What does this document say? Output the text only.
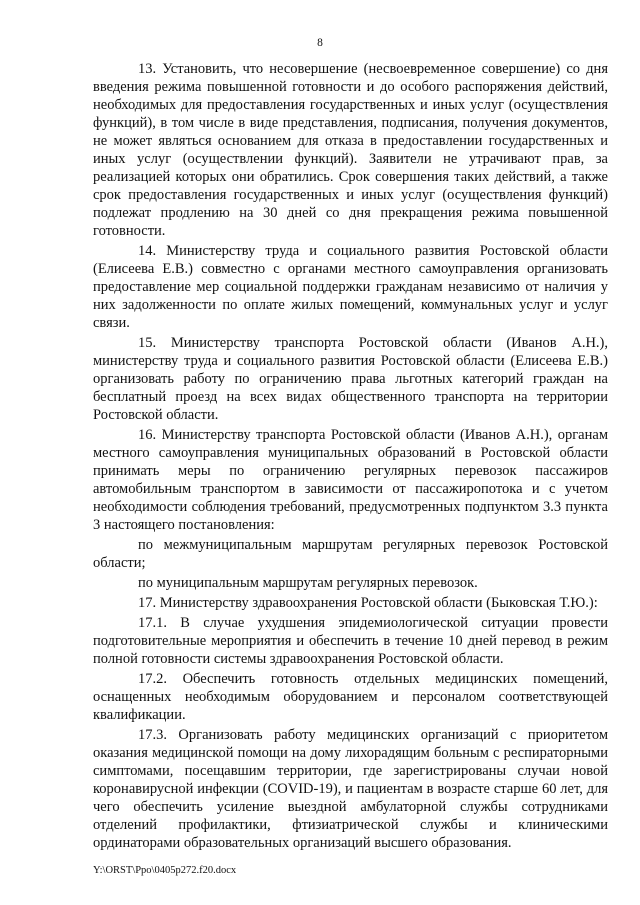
8

13. Установить, что несовершение (несвоевременное совершение) со дня введения режима повышенной готовности и до особого распоряжения действий, необходимых для предоставления государственных и иных услуг (осуществления функций), в том числе в виде представления, подписания, получения документов, не может являться основанием для отказа в предоставлении государственных и иных услуг (осуществлении функций). Заявители не утрачивают прав, за реализацией которых они обратились. Срок совершения таких действий, а также срок предоставления государственных и иных услуг (осуществления функций) подлежат продлению на 30 дней со дня прекращения режима повышенной готовности.

14. Министерству труда и социального развития Ростовской области (Елисеева Е.В.) совместно с органами местного самоуправления организовать предоставление мер социальной поддержки гражданам независимо от наличия у них задолженности по оплате жилых помещений, коммунальных услуг и услуг связи.

15. Министерству транспорта Ростовской области (Иванов А.Н.), министерству труда и социального развития Ростовской области (Елисеева Е.В.) организовать работу по ограничению права льготных категорий граждан на бесплатный проезд на всех видах общественного транспорта на территории Ростовской области.

16. Министерству транспорта Ростовской области (Иванов А.Н.), органам местного самоуправления муниципальных образований в Ростовской области принимать меры по ограничению регулярных перевозок пассажиров автомобильным транспортом в зависимости от пассажиропотока и с учетом необходимости соблюдения требований, предусмотренных подпунктом 3.3 пункта 3 настоящего постановления:

по межмуниципальным маршрутам регулярных перевозок Ростовской области;

по муниципальным маршрутам регулярных перевозок.

17. Министерству здравоохранения Ростовской области (Быковская Т.Ю.):

17.1. В случае ухудшения эпидемиологической ситуации провести подготовительные мероприятия и обеспечить в течение 10 дней перевод в режим полной готовности системы здравоохранения Ростовской области.

17.2. Обеспечить готовность отдельных медицинских помещений, оснащенных необходимым оборудованием и персоналом соответствующей квалификации.

17.3. Организовать работу медицинских организаций с приоритетом оказания медицинской помощи на дому лихорадящим больным с респираторными симптомами, посещавшим территории, где зарегистрированы случаи новой коронавирусной инфекции (COVID-19), и пациентам в возрасте старше 60 лет, для чего обеспечить усиление выездной амбулаторной службы сотрудниками отделений профилактики, фтизиатрической службы и клиническими ординаторами образовательных организаций высшего образования.

Y:\ORST\Ppo\0405p272.f20.docx
